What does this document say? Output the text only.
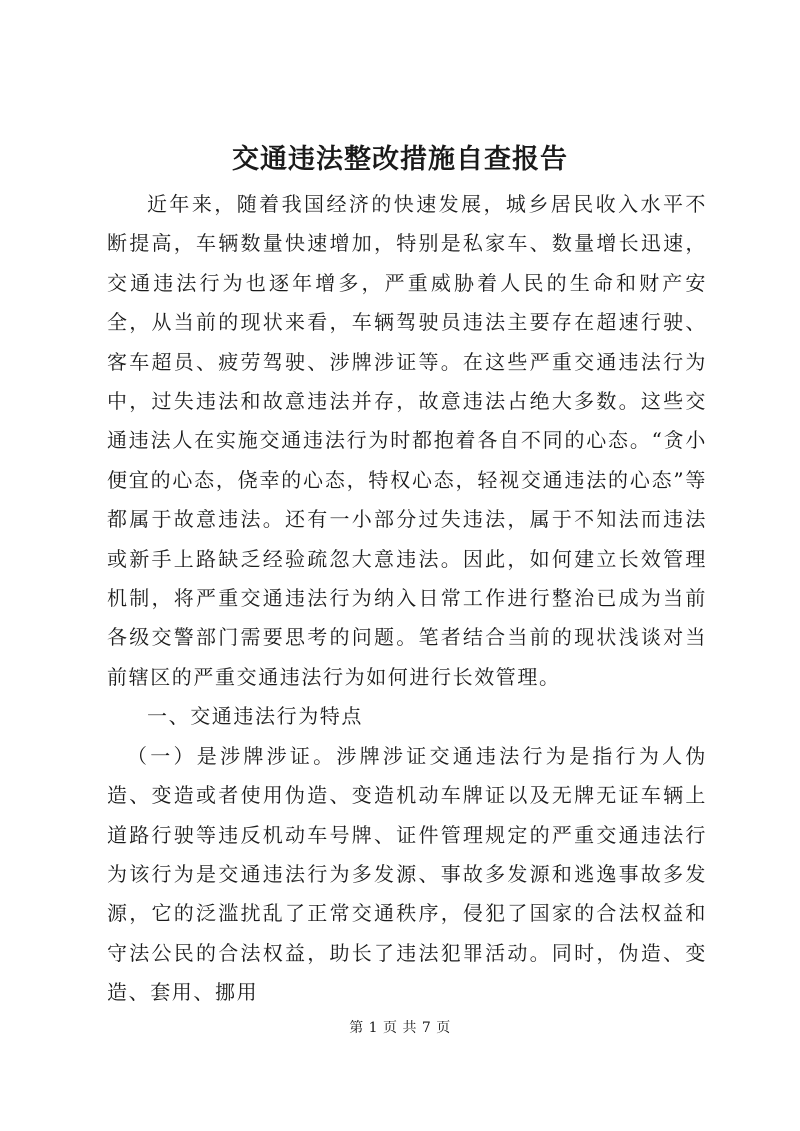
交通违法整改措施自查报告

近年来，随着我国经济的快速发展，城乡居民收入水平不断提高，车辆数量快速增加，特别是私家车、数量增长迅速，交通违法行为也逐年增多，严重威胁着人民的生命和财产安全，从当前的现状来看，车辆驾驶员违法主要存在超速行驶、客车超员、疲劳驾驶、涉牌涉证等。在这些严重交通违法行为中，过失违法和故意违法并存，故意违法占绝大多数。这些交通违法人在实施交通违法行为时都抱着各自不同的心态。“贪小便宜的心态，侥幸的心态，特权心态，轻视交通违法的心态”等都属于故意违法。还有一小部分过失违法，属于不知法而违法或新手上路缺乏经验疏忽大意违法。因此，如何建立长效管理机制，将严重交通违法行为纳入日常工作进行整治已成为当前各级交警部门需要思考的问题。笔者结合当前的现状浅谈对当前辖区的严重交通违法行为如何进行长效管理。

一、交通违法行为特点

（一）是涉牌涉证。涉牌涉证交通违法行为是指行为人伪造、变造或者使用伪造、变造机动车牌证以及无牌无证车辆上道路行驶等违反机动车号牌、证件管理规定的严重交通违法行为该行为是交通违法行为多发源、事故多发源和逃逸事故多发源，它的泛滥扰乱了正常交通秩序，侵犯了国家的合法权益和守法公民的合法权益，助长了违法犯罪活动。同时，伪造、变造、套用、挪用

第 1 页 共 7 页
